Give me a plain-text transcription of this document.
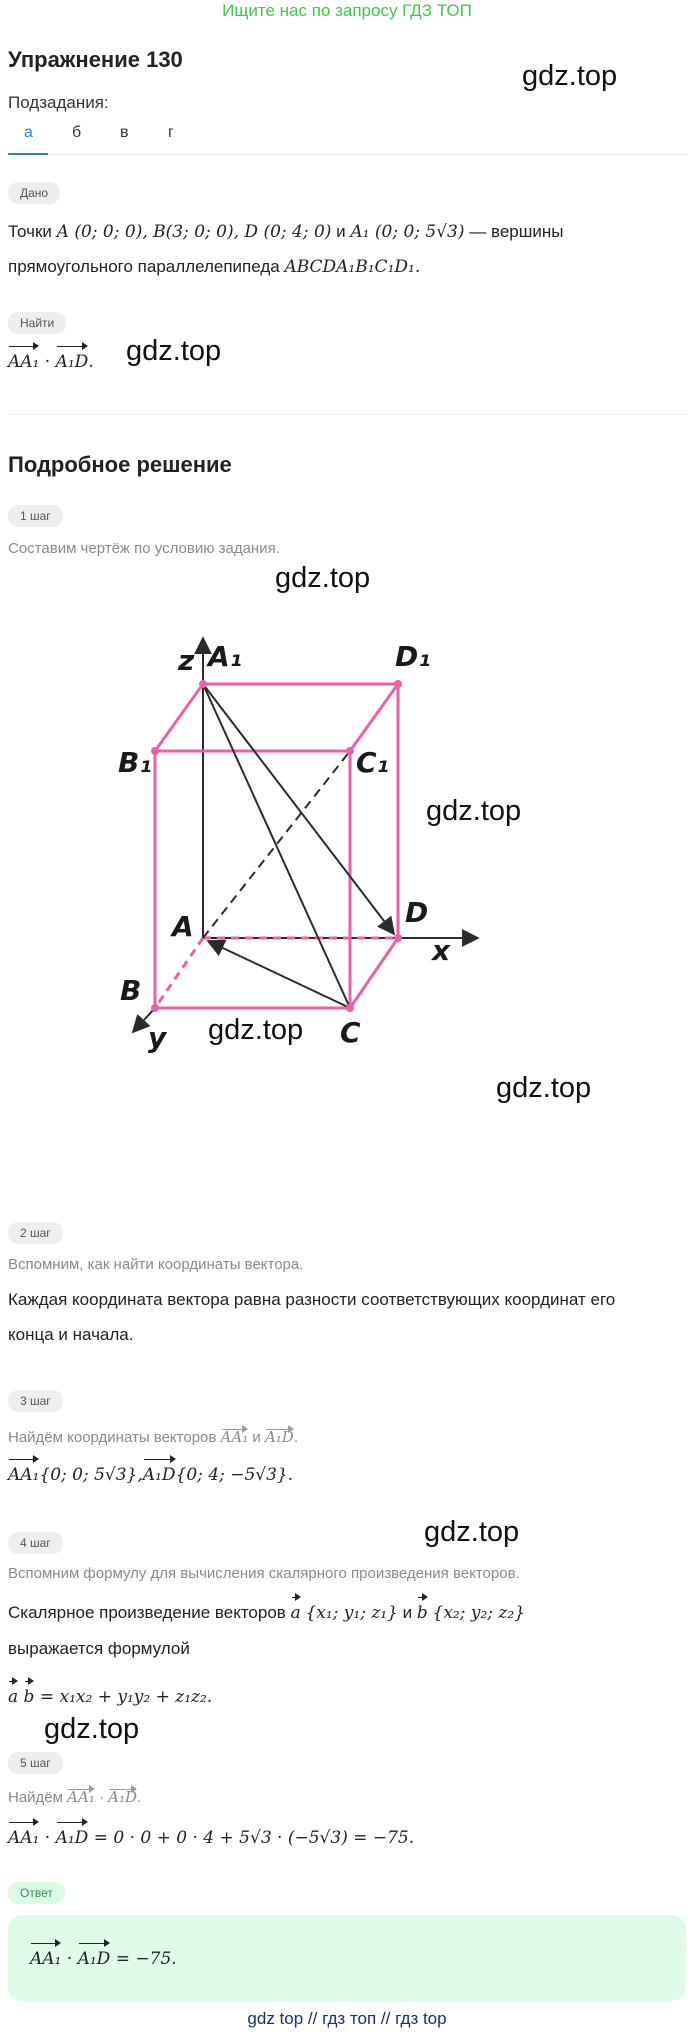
Ищите нас по запросу ГДЗ ТОП
Упражнение 130
gdz.top
Подзадания:
а	б	в	г
Дано
Точки A (0; 0; 0), B(3; 0; 0), D (0; 4; 0) и A₁ (0; 0; 5√3) — вершины
прямоугольного параллелепипеда ABCDA₁B₁C₁D₁.
Найти
AA₁ · A₁D. gdz.top
Подробное решение
1 шаг
Составим чертёж по условию задания.
gdz.top
z A₁	D₁
B₁	C₁
A	D
x
B
y	C
gdz.top
gdz.top
gdz.top
2 шаг
Вспомним, как найти координаты вектора.
Каждая координата вектора равна разности соответствующих координат его
конца и начала.
3 шаг
Найдём координаты векторов AA₁ и A₁D.
AA₁{0; 0; 5√3},A₁D{0; 4; −5√3}.
gdz.top
4 шаг
Вспомним формулу для вычисления скалярного произведения векторов.
Скалярное произведение векторов a {x₁; y₁; z₁} и b {x₂; y₂; z₂}
выражается формулой
a b = x₁x₂ + y₁y₂ + z₁z₂.
gdz.top
5 шаг
Найдём AA₁ · A₁D.
AA₁ · A₁D = 0 · 0 + 0 · 4 + 5√3 · (−5√3) = −75.
Ответ
AA₁ · A₁D = −75.
gdz top // гдз топ // гдз top
